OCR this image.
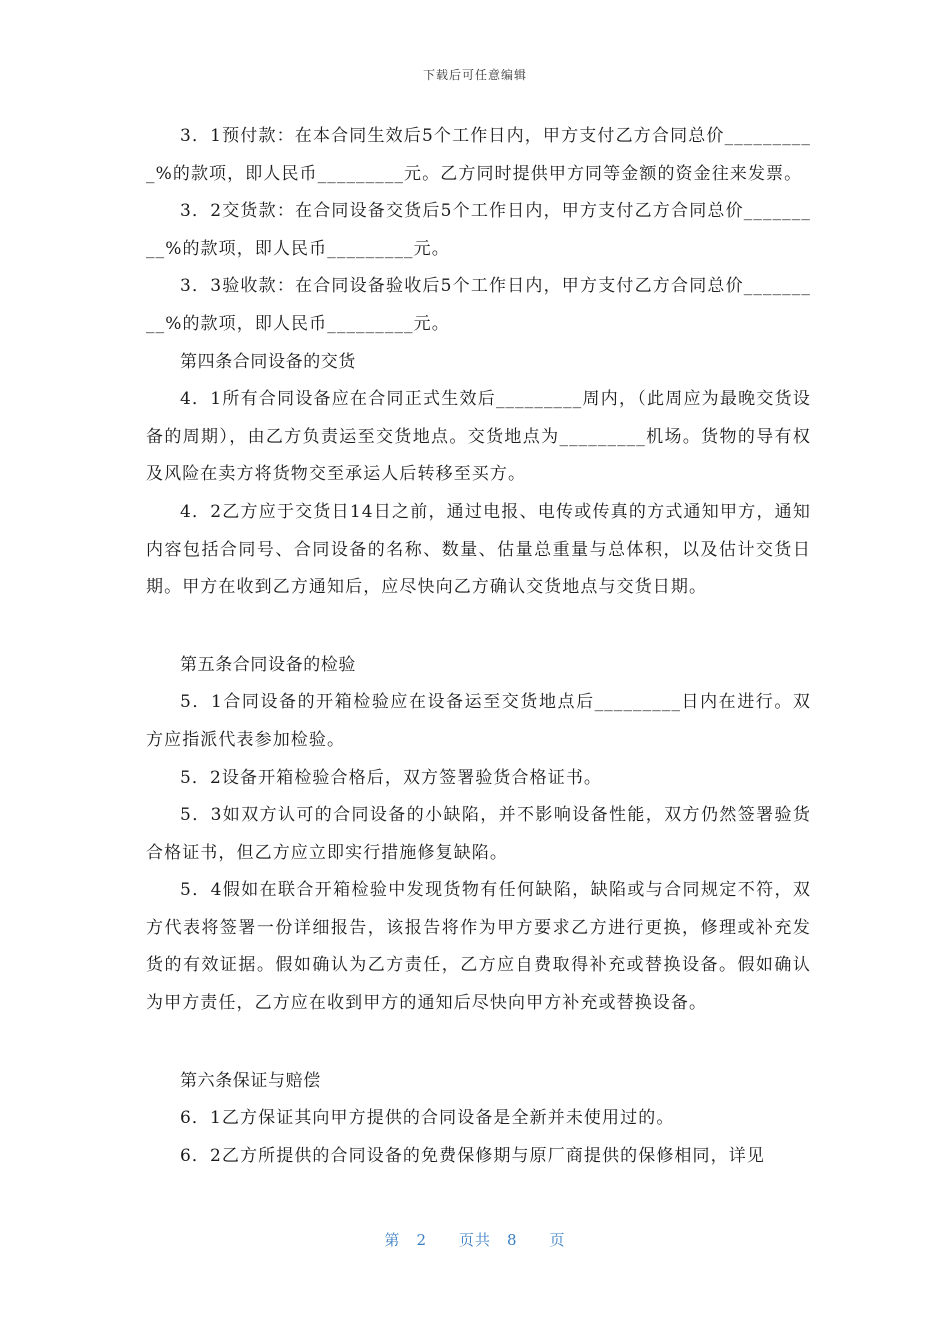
下载后可任意编辑

3．1预付款：在本合同生效后5个工作日内，甲方支付乙方合同总价__________%的款项，即人民币_________元。乙方同时提供甲方同等金额的资金往来发票。

3．2交货款：在合同设备交货后5个工作日内，甲方支付乙方合同总价_________%的款项，即人民币_________元。

3．3验收款：在合同设备验收后5个工作日内，甲方支付乙方合同总价_________%的款项，即人民币_________元。

第四条合同设备的交货

4．1所有合同设备应在合同正式生效后_________周内，（此周应为最晚交货设备的周期），由乙方负责运至交货地点。交货地点为_________机场。货物的导有权及风险在卖方将货物交至承运人后转移至买方。

4．2乙方应于交货日14日之前，通过电报、电传或传真的方式通知甲方，通知内容包括合同号、合同设备的名称、数量、估量总重量与总体积，以及估计交货日期。甲方在收到乙方通知后，应尽快向乙方确认交货地点与交货日期。

第五条合同设备的检验

5．1合同设备的开箱检验应在设备运至交货地点后_________日内在进行。双方应指派代表参加检验。

5．2设备开箱检验合格后，双方签署验货合格证书。

5．3如双方认可的合同设备的小缺陷，并不影响设备性能，双方仍然签署验货合格证书，但乙方应立即实行措施修复缺陷。

5．4假如在联合开箱检验中发现货物有任何缺陷，缺陷或与合同规定不符，双方代表将签署一份详细报告，该报告将作为甲方要求乙方进行更换，修理或补充发货的有效证据。假如确认为乙方责任，乙方应自费取得补充或替换设备。假如确认为甲方责任，乙方应在收到甲方的通知后尽快向甲方补充或替换设备。

第六条保证与赔偿

6．1乙方保证其向甲方提供的合同设备是全新并未使用过的。

6．2乙方所提供的合同设备的免费保修期与原厂商提供的保修相同，详见

第 2 页共 8 页
